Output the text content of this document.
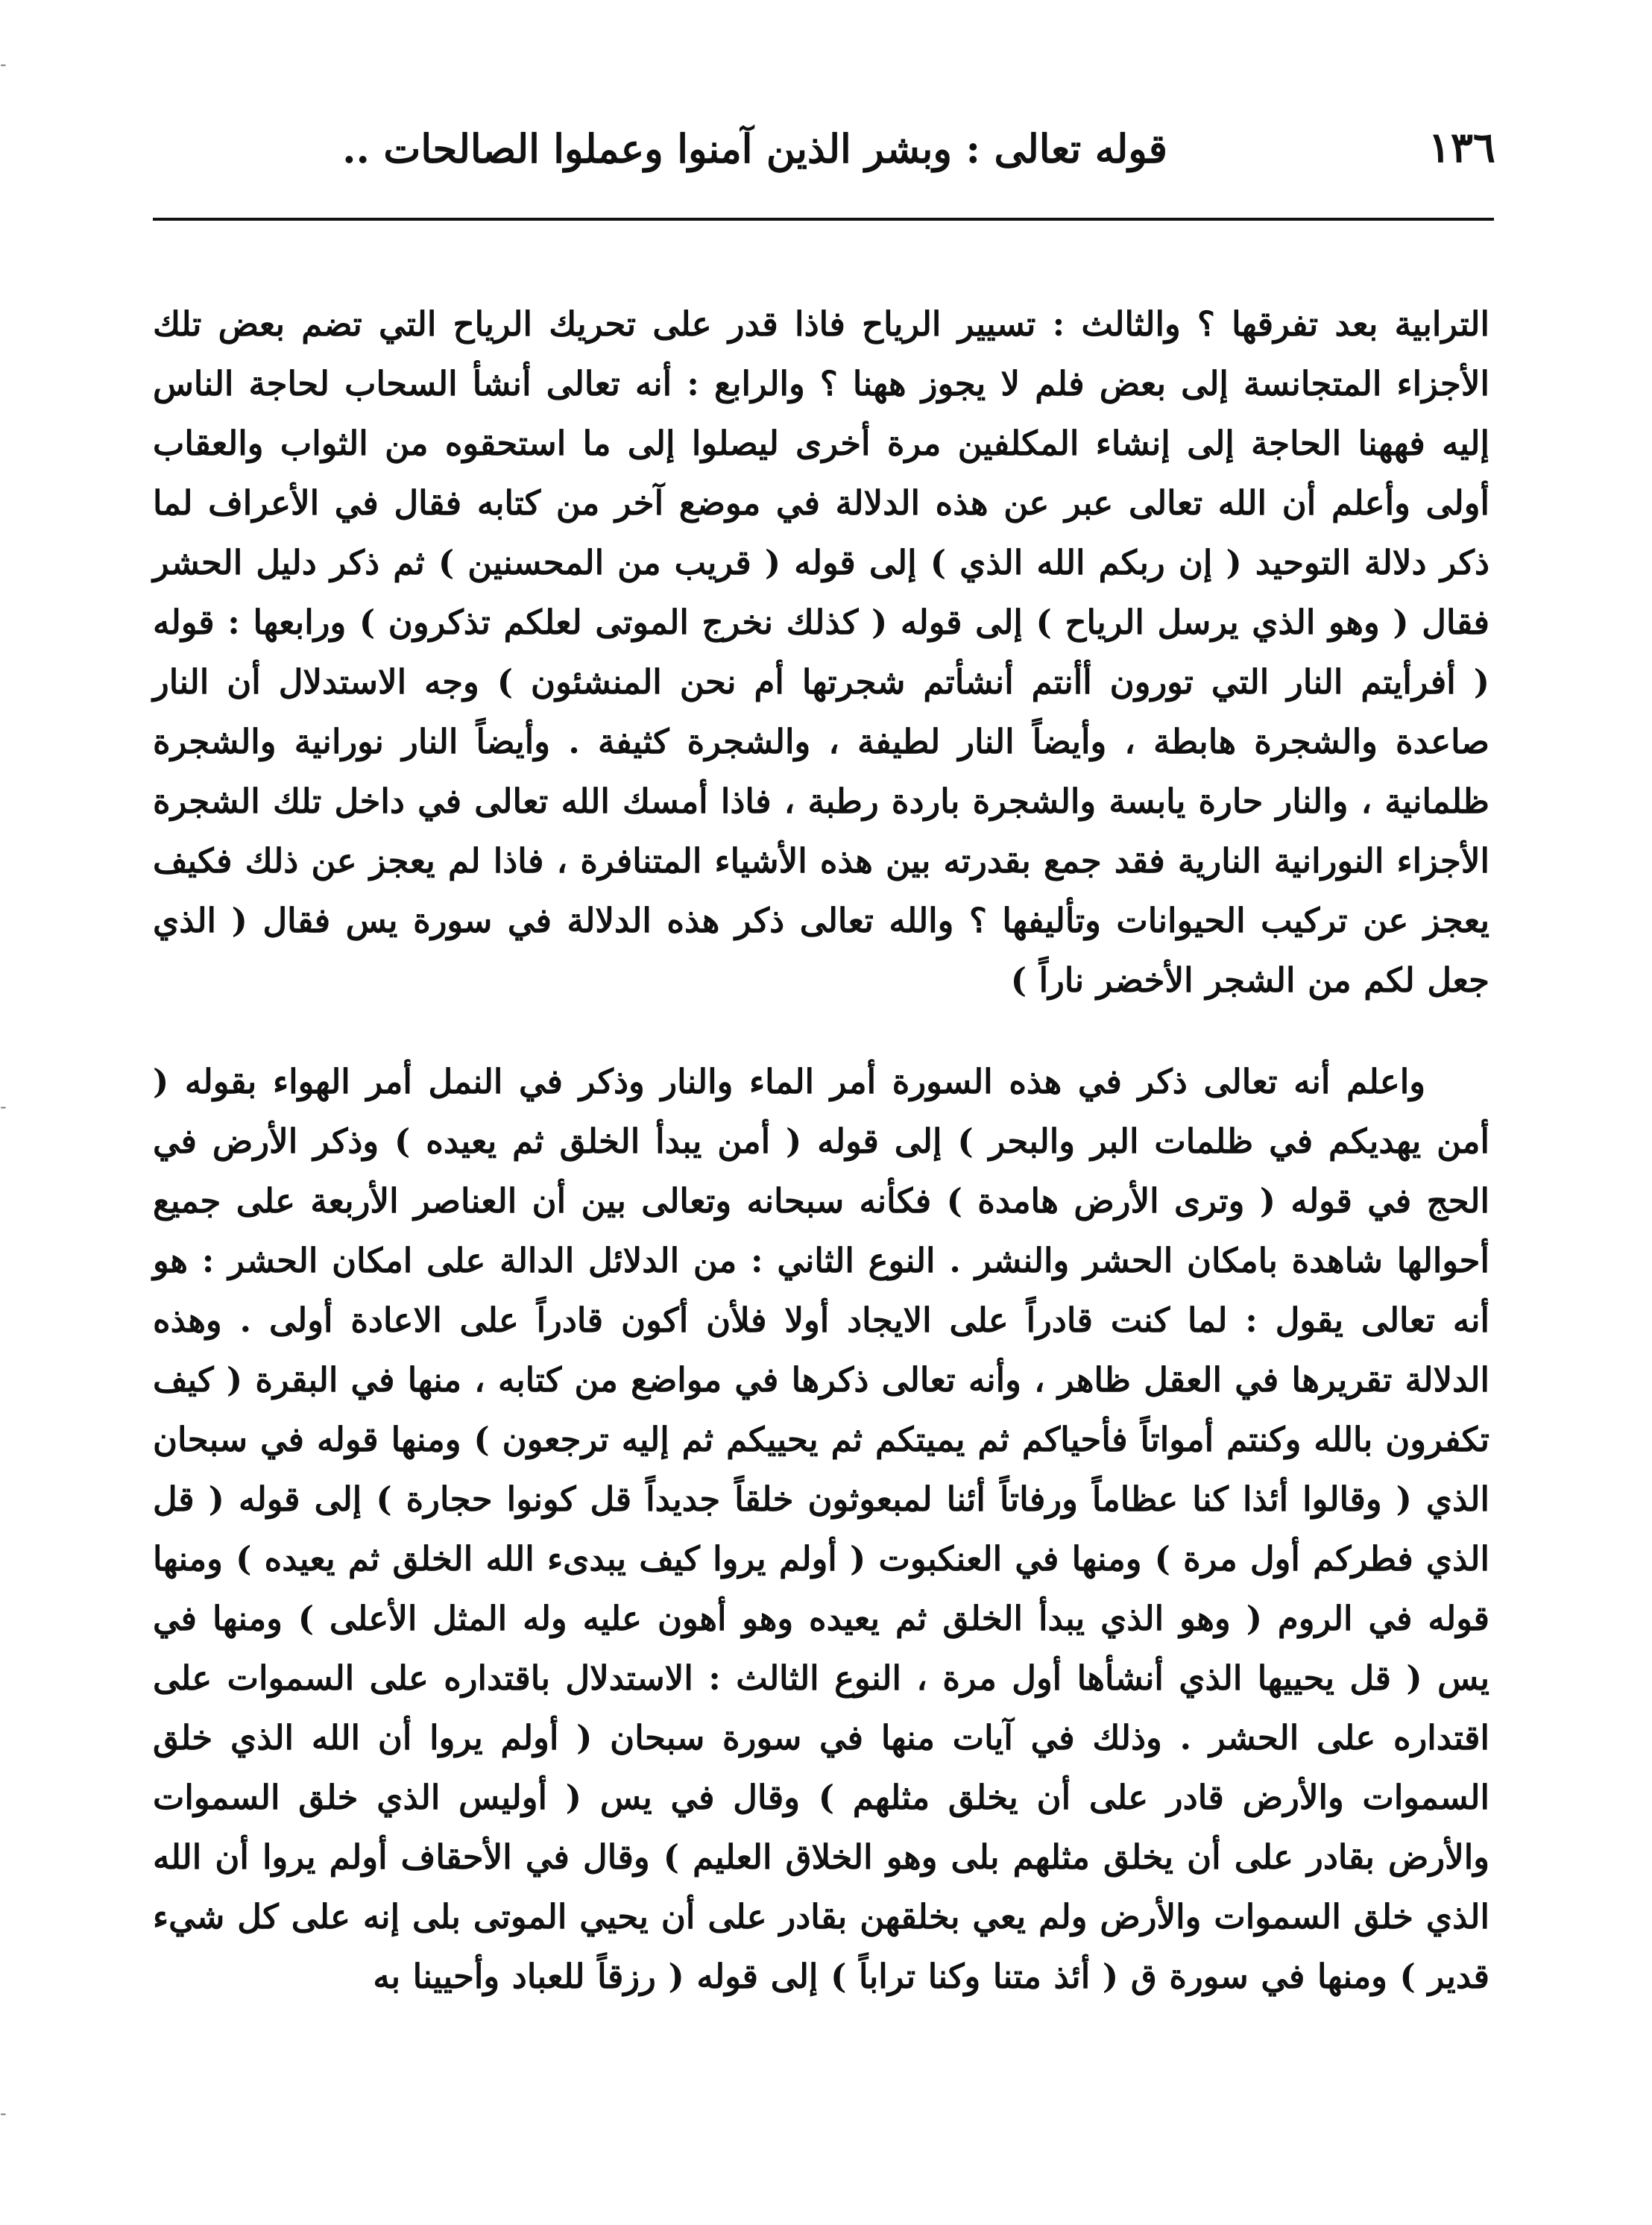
-
-
-
١٣٦
قوله تعالى : وبشر الذين آمنوا وعملوا الصالحات ..

الترابية بعد تفرقها ؟ والثالث : تسيير الرياح فاذا قدر على تحريك الرياح التي تضم بعض تلك الأجزاء المتجانسة إلى بعض فلم لا يجوز ههنا ؟ والرابع : أنه تعالى أنشأ السحاب لحاجة الناس إليه فههنا الحاجة إلى إنشاء المكلفين مرة أخرى ليصلوا إلى ما استحقوه من الثواب والعقاب أولى وأعلم أن الله تعالى عبر عن هذه الدلالة في موضع آخر من كتابه فقال في الأعراف لما ذكر دلالة التوحيد ( إن ربكم الله الذي ) إلى قوله ( قريب من المحسنين ) ثم ذكر دليل الحشر فقال ( وهو الذي يرسل الرياح ) إلى قوله ( كذلك نخرج الموتى لعلكم تذكرون ) ورابعها : قوله ( أفرأيتم النار التي تورون أأنتم أنشأتم شجرتها أم نحن المنشئون ) وجه الاستدلال أن النار صاعدة والشجرة هابطة ، وأيضاً النار لطيفة ، والشجرة كثيفة . وأيضاً النار نورانية والشجرة ظلمانية ، والنار حارة يابسة والشجرة باردة رطبة ، فاذا أمسك الله تعالى في داخل تلك الشجرة الأجزاء النورانية النارية فقد جمع بقدرته بين هذه الأشياء المتنافرة ، فاذا لم يعجز عن ذلك فكيف يعجز عن تركيب الحيوانات وتأليفها ؟ والله تعالى ذكر هذه الدلالة في سورة يس فقال ( الذي جعل لكم من الشجر الأخضر ناراً )

واعلم أنه تعالى ذكر في هذه السورة أمر الماء والنار وذكر في النمل أمر الهواء بقوله ( أمن يهديكم في ظلمات البر والبحر ) إلى قوله ( أمن يبدأ الخلق ثم يعيده ) وذكر الأرض في الحج في قوله ( وترى الأرض هامدة ) فكأنه سبحانه وتعالى بين أن العناصر الأربعة على جميع أحوالها شاهدة بامكان الحشر والنشر . النوع الثاني : من الدلائل الدالة على امكان الحشر : هو أنه تعالى يقول : لما كنت قادراً على الايجاد أولا فلأن أكون قادراً على الاعادة أولى . وهذه الدلالة تقريرها في العقل ظاهر ، وأنه تعالى ذكرها في مواضع من كتابه ، منها في البقرة ( كيف تكفرون بالله وكنتم أمواتاً فأحياكم ثم يميتكم ثم يحييكم ثم إليه ترجعون ) ومنها قوله في سبحان الذي ( وقالوا أئذا كنا عظاماً ورفاتاً أئنا لمبعوثون خلقاً جديداً قل كونوا حجارة ) إلى قوله ( قل الذي فطركم أول مرة ) ومنها في العنكبوت ( أولم يروا كيف يبدىء الله الخلق ثم يعيده ) ومنها قوله في الروم ( وهو الذي يبدأ الخلق ثم يعيده وهو أهون عليه وله المثل الأعلى ) ومنها في يس ( قل يحييها الذي أنشأها أول مرة ، النوع الثالث : الاستدلال باقتداره على السموات على اقتداره على الحشر . وذلك في آيات منها في سورة سبحان ( أولم يروا أن الله الذي خلق السموات والأرض قادر على أن يخلق مثلهم ) وقال في يس ( أوليس الذي خلق السموات والأرض بقادر على أن يخلق مثلهم بلى وهو الخلاق العليم ) وقال في الأحقاف أولم يروا أن الله الذي خلق السموات والأرض ولم يعي بخلقهن بقادر على أن يحيي الموتى بلى إنه على كل شيء قدير ) ومنها في سورة ق ( أئذ متنا وكنا تراباً ) إلى قوله ( رزقاً للعباد وأحيينا به
